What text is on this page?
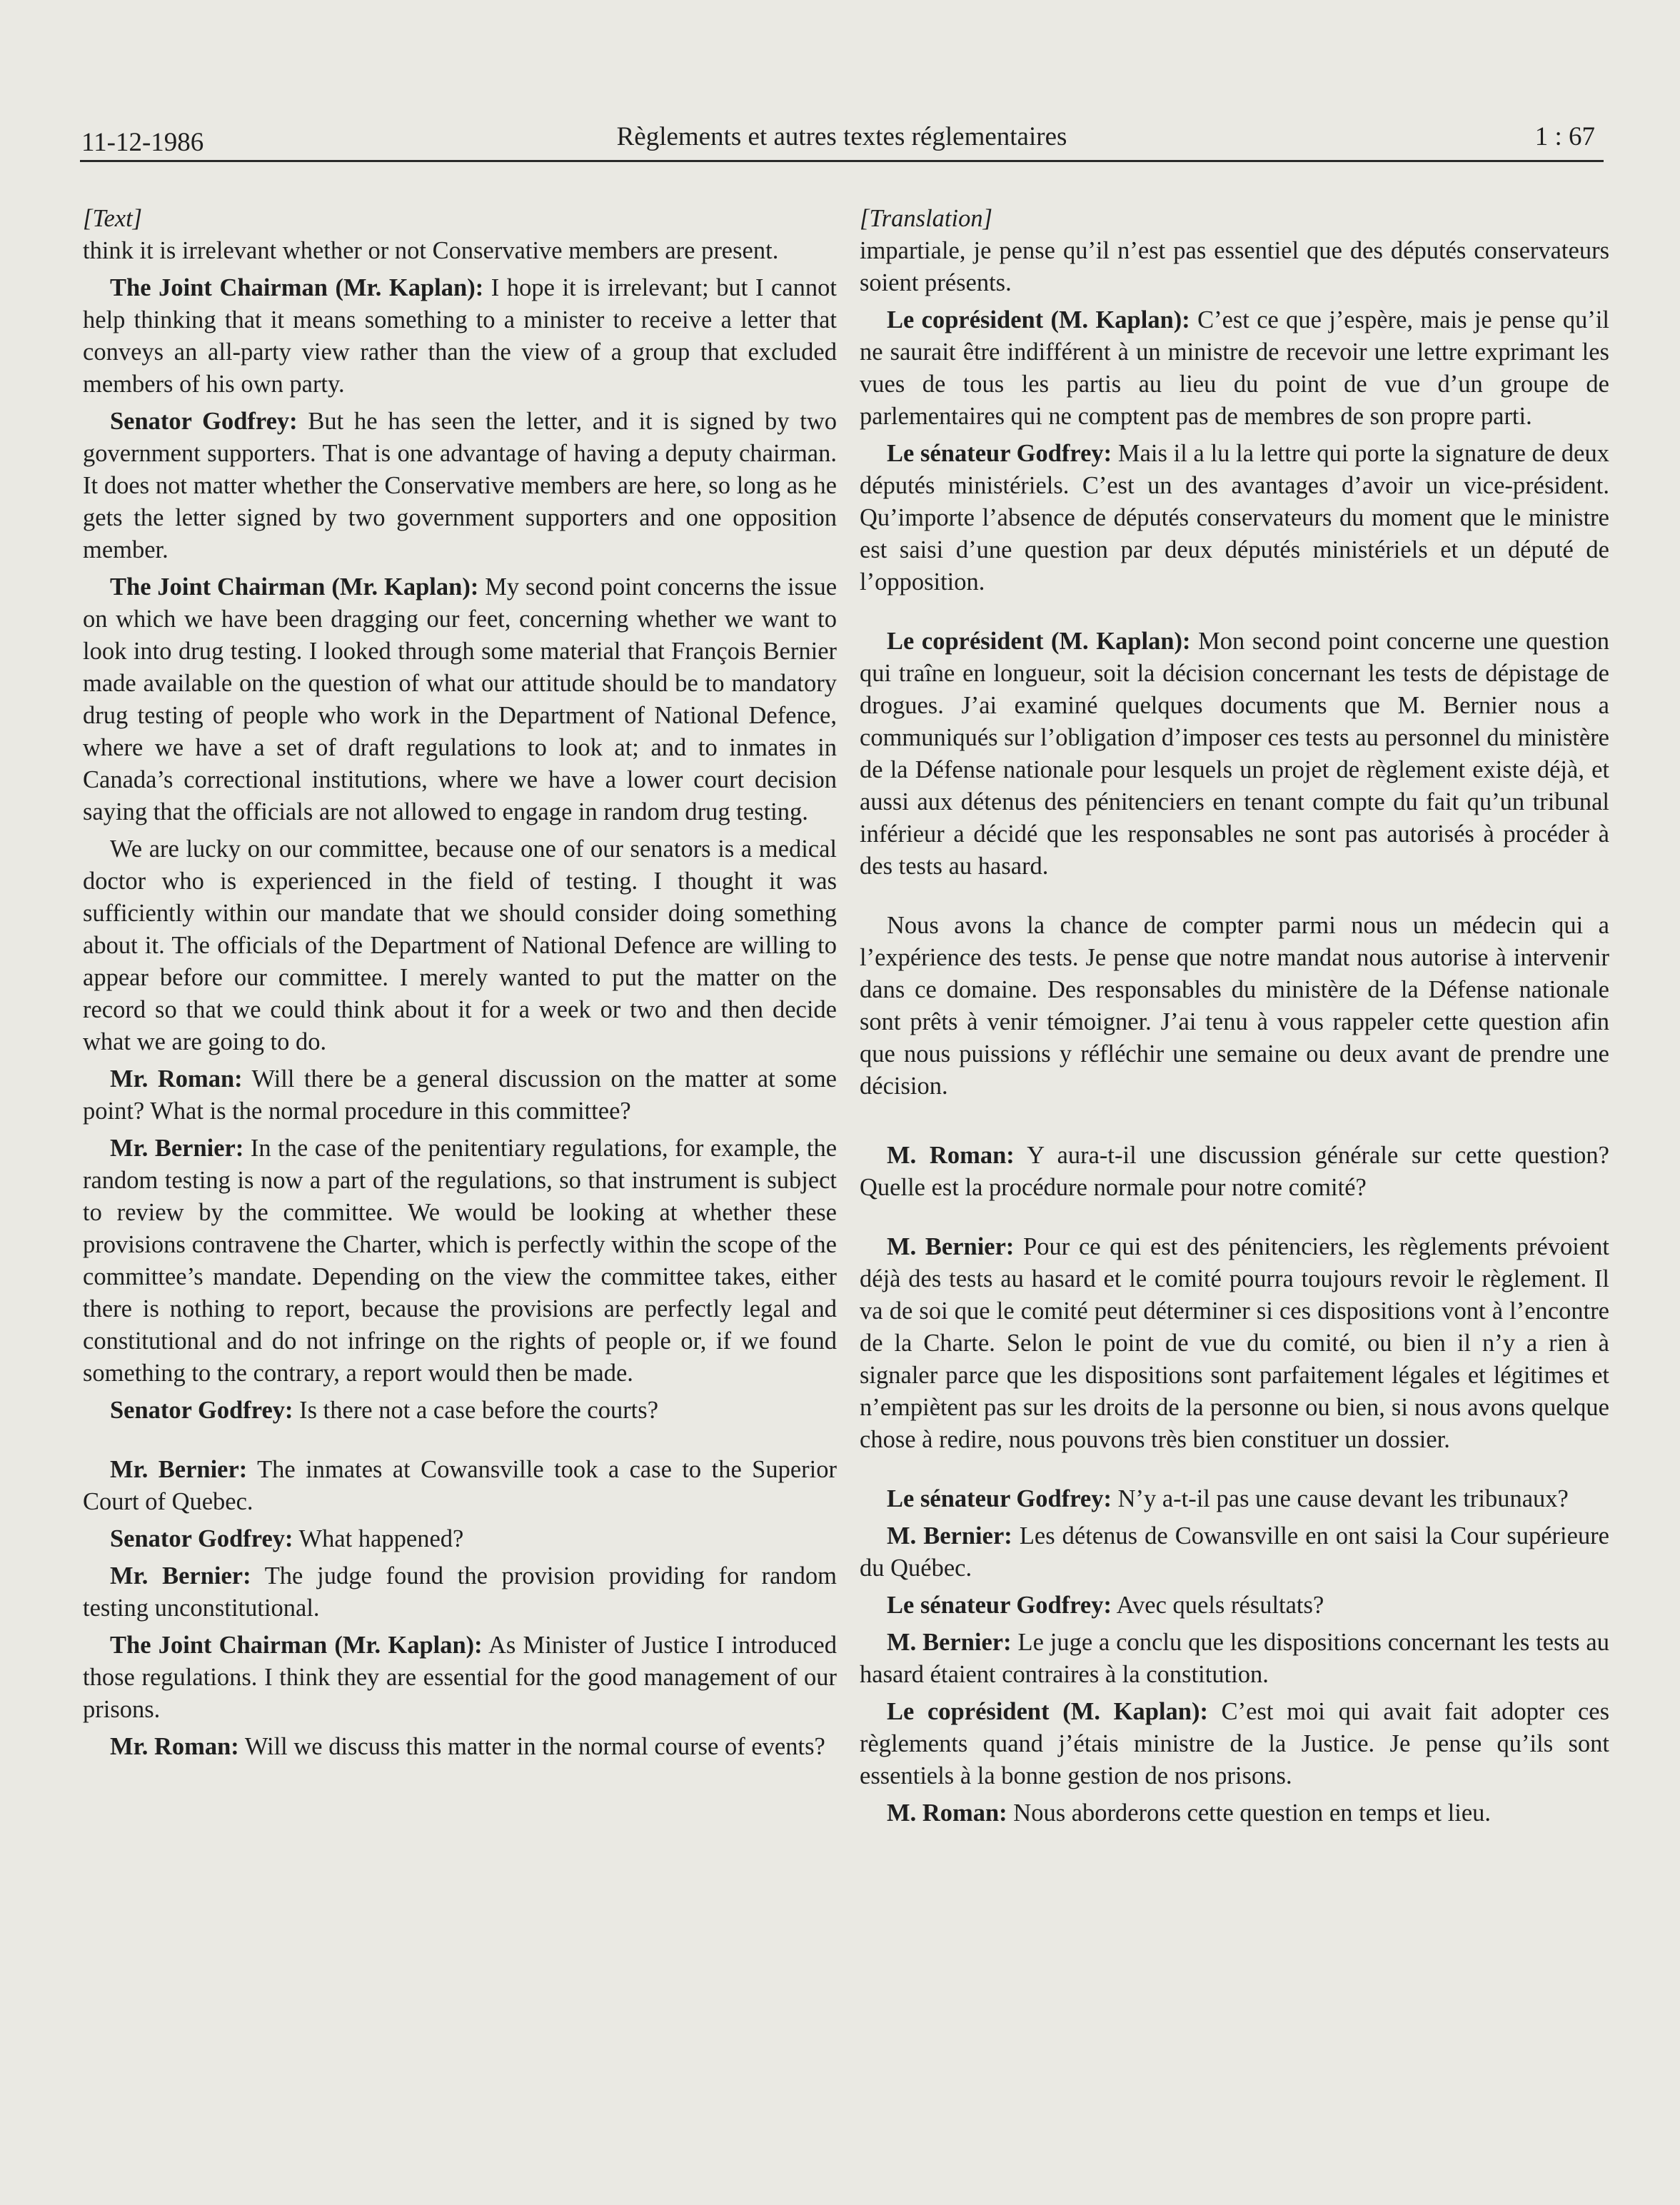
11-12-1986	Règlements et autres textes réglementaires	1 : 67
[Text]

think it is irrelevant whether or not Conservative members are present.

The Joint Chairman (Mr. Kaplan): I hope it is irrelevant; but I cannot help thinking that it means something to a minister to receive a letter that conveys an all-party view rather than the view of a group that excluded members of his own party.

Senator Godfrey: But he has seen the letter, and it is signed by two government supporters. That is one advantage of having a deputy chairman. It does not matter whether the Conservative members are here, so long as he gets the letter signed by two government supporters and one opposition member.

The Joint Chairman (Mr. Kaplan): My second point concerns the issue on which we have been dragging our feet, concerning whether we want to look into drug testing. I looked through some material that François Bernier made available on the question of what our attitude should be to mandatory drug testing of people who work in the Department of National Defence, where we have a set of draft regulations to look at; and to inmates in Canada’s correctional institutions, where we have a lower court decision saying that the officials are not allowed to engage in random drug testing.

We are lucky on our committee, because one of our senators is a medical doctor who is experienced in the field of testing. I thought it was sufficiently within our mandate that we should consider doing something about it. The officials of the Department of National Defence are willing to appear before our committee. I merely wanted to put the matter on the record so that we could think about it for a week or two and then decide what we are going to do.

Mr. Roman: Will there be a general discussion on the matter at some point? What is the normal procedure in this committee?

Mr. Bernier: In the case of the penitentiary regulations, for example, the random testing is now a part of the regulations, so that instrument is subject to review by the committee. We would be looking at whether these provisions contravene the Charter, which is perfectly within the scope of the committee’s mandate. Depending on the view the committee takes, either there is nothing to report, because the provisions are perfectly legal and constitutional and do not infringe on the rights of people or, if we found something to the contrary, a report would then be made.

Senator Godfrey: Is there not a case before the courts?

Mr. Bernier: The inmates at Cowansville took a case to the Superior Court of Quebec.

Senator Godfrey: What happened?

Mr. Bernier: The judge found the provision providing for random testing unconstitutional.

The Joint Chairman (Mr. Kaplan): As Minister of Justice I introduced those regulations. I think they are essential for the good management of our prisons.

Mr. Roman: Will we discuss this matter in the normal course of events?

[Translation]

impartiale, je pense qu’il n’est pas essentiel que des députés conservateurs soient présents.

Le coprésident (M. Kaplan): C’est ce que j’espère, mais je pense qu’il ne saurait être indifférent à un ministre de recevoir une lettre exprimant les vues de tous les partis au lieu du point de vue d’un groupe de parlementaires qui ne comptent pas de membres de son propre parti.

Le sénateur Godfrey: Mais il a lu la lettre qui porte la signature de deux députés ministériels. C’est un des avantages d’avoir un vice-président. Qu’importe l’absence de députés conservateurs du moment que le ministre est saisi d’une question par deux députés ministériels et un député de l’opposition.

Le coprésident (M. Kaplan): Mon second point concerne une question qui traîne en longueur, soit la décision concernant les tests de dépistage de drogues. J’ai examiné quelques documents que M. Bernier nous a communiqués sur l’obligation d’imposer ces tests au personnel du ministère de la Défense nationale pour lesquels un projet de règlement existe déjà, et aussi aux détenus des pénitenciers en tenant compte du fait qu’un tribunal inférieur a décidé que les responsables ne sont pas autorisés à procéder à des tests au hasard.

Nous avons la chance de compter parmi nous un médecin qui a l’expérience des tests. Je pense que notre mandat nous autorise à intervenir dans ce domaine. Des responsables du ministère de la Défense nationale sont prêts à venir témoigner. J’ai tenu à vous rappeler cette question afin que nous puissions y réfléchir une semaine ou deux avant de prendre une décision.

M. Roman: Y aura-t-il une discussion générale sur cette question? Quelle est la procédure normale pour notre comité?

M. Bernier: Pour ce qui est des pénitenciers, les règlements prévoient déjà des tests au hasard et le comité pourra toujours revoir le règlement. Il va de soi que le comité peut déterminer si ces dispositions vont à l’encontre de la Charte. Selon le point de vue du comité, ou bien il n’y a rien à signaler parce que les dispositions sont parfaitement légales et légitimes et n’empiètent pas sur les droits de la personne ou bien, si nous avons quelque chose à redire, nous pouvons très bien constituer un dossier.

Le sénateur Godfrey: N’y a-t-il pas une cause devant les tribunaux?

M. Bernier: Les détenus de Cowansville en ont saisi la Cour supérieure du Québec.

Le sénateur Godfrey: Avec quels résultats?

M. Bernier: Le juge a conclu que les dispositions concernant les tests au hasard étaient contraires à la constitution.

Le coprésident (M. Kaplan): C’est moi qui avait fait adopter ces règlements quand j’étais ministre de la Justice. Je pense qu’ils sont essentiels à la bonne gestion de nos prisons.

M. Roman: Nous aborderons cette question en temps et lieu.
